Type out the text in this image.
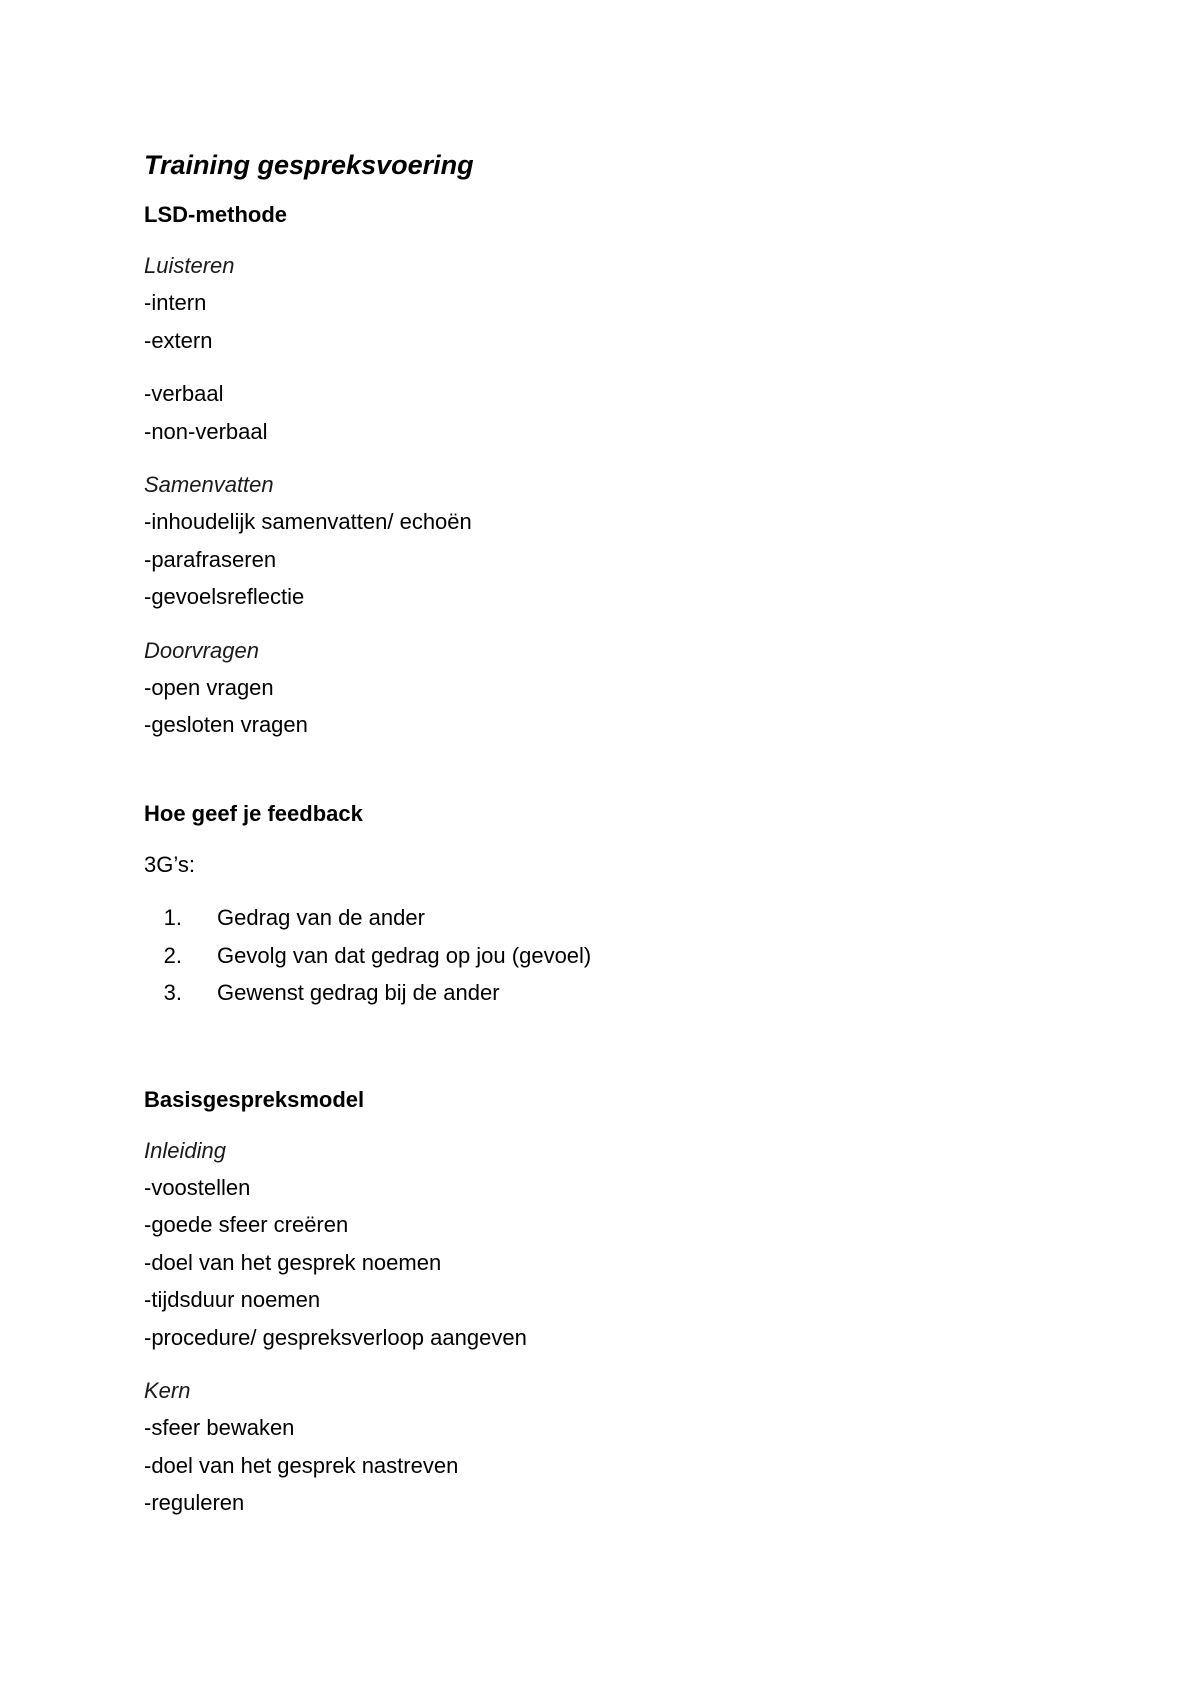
Training gespreksvoering
LSD-methode
Luisteren
-intern
-extern
-verbaal
-non-verbaal
Samenvatten
-inhoudelijk samenvatten/ echoën
-parafraseren
-gevoelsreflectie
Doorvragen
-open vragen
-gesloten vragen
Hoe geef je feedback
3G’s:
1. Gedrag van de ander
2. Gevolg van dat gedrag op jou (gevoel)
3. Gewenst gedrag bij de ander
Basisgespreksmodel
Inleiding
-voostellen
-goede sfeer creëren
-doel van het gesprek noemen
-tijdsduur noemen
-procedure/ gespreksverloop aangeven
Kern
-sfeer bewaken
-doel van het gesprek nastreven
-reguleren
